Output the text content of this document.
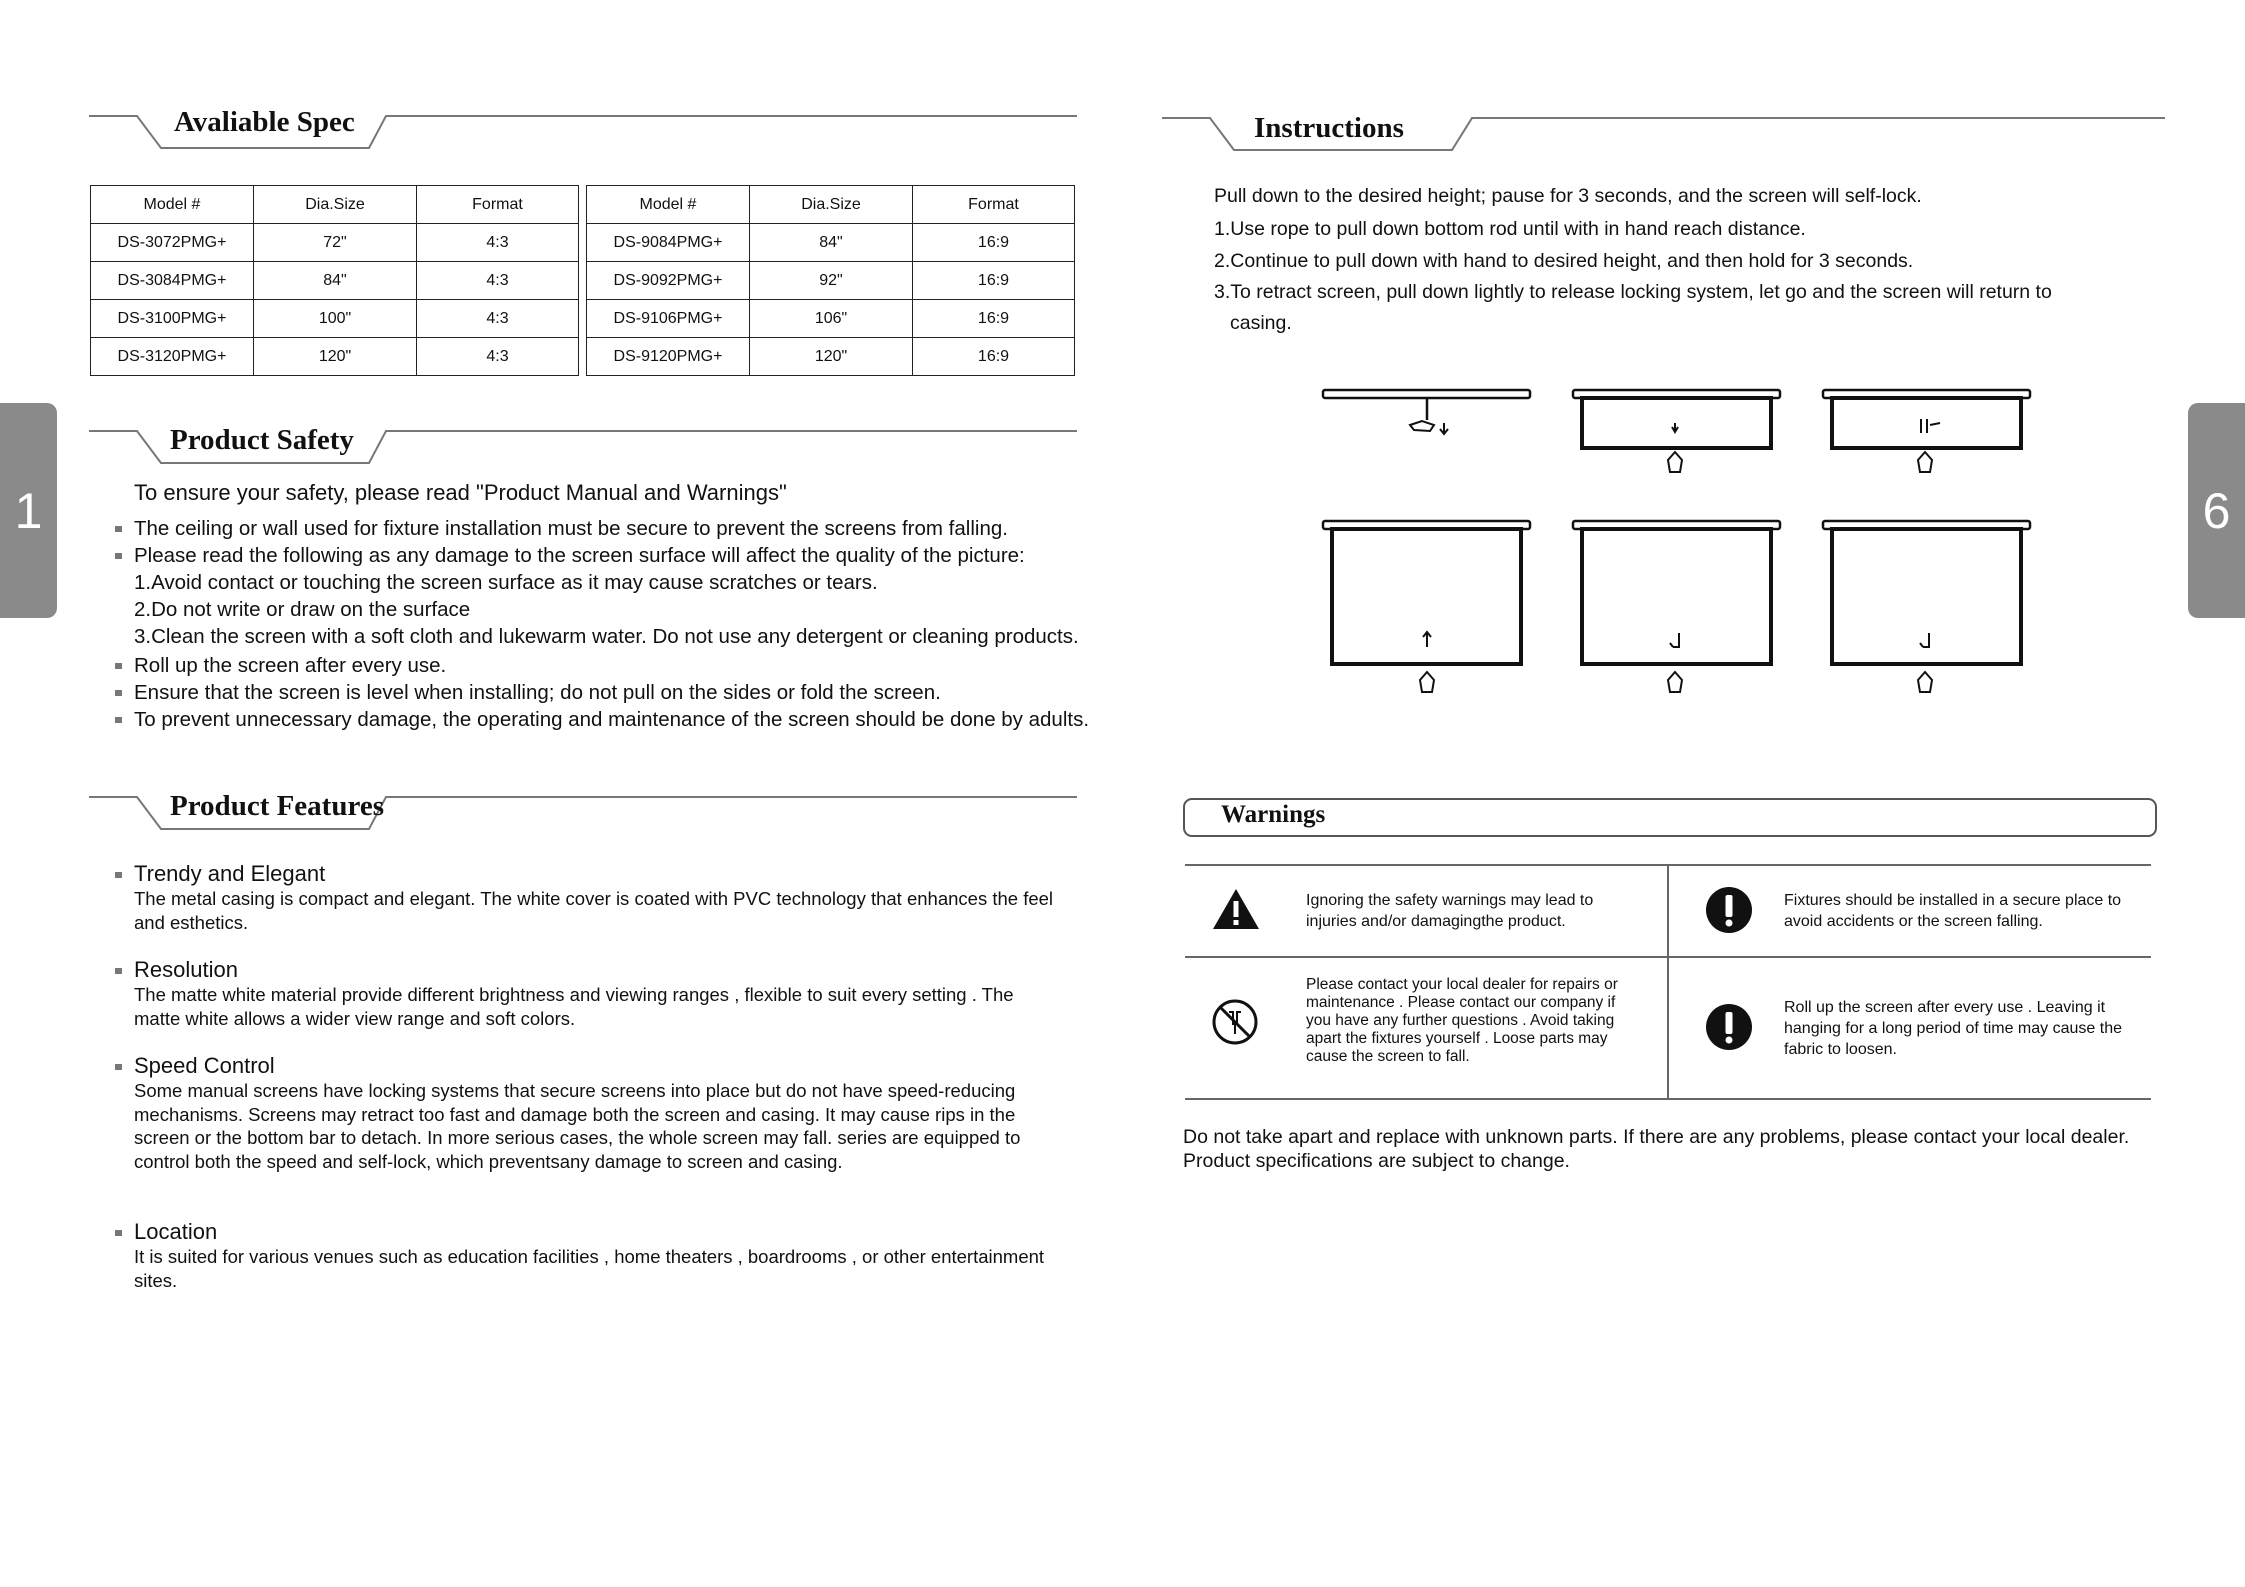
1	6
Avaliable Spec
Model #	Dia.Size	Format
DS-3072PMG+	72"	4:3
DS-3084PMG+	84"	4:3
DS-3100PMG+	100"	4:3
DS-3120PMG+	120"	4:3
Model #	Dia.Size	Format
DS-9084PMG+	84"	16:9
DS-9092PMG+	92"	16:9
DS-9106PMG+	106"	16:9
DS-9120PMG+	120"	16:9
Product Safety
To ensure your safety, please read "Product Manual and Warnings"
The ceiling or wall used for fixture installation must be secure to prevent the screens from falling.
Please read the following as any damage to the screen surface will affect the quality of the picture:
1.Avoid contact or touching the screen surface as it may cause scratches or tears.
2.Do not write or draw on the surface
3.Clean the screen with a soft cloth and lukewarm water. Do not use any detergent or cleaning products.
Roll up the screen after every use.
Ensure that the screen is level when installing; do not pull on the sides or fold the screen.
To prevent unnecessary damage, the operating and maintenance of the screen should be done by adults.
Product Features
Trendy and Elegant
The metal casing is compact and elegant. The white cover is coated with PVC technology that enhances the feel and esthetics.
Resolution
The matte white material provide different brightness and viewing ranges , flexible to suit every setting . The matte white allows a wider view range and soft colors.
Speed Control
Some manual screens have locking systems that secure screens into place but do not have speed-reducing mechanisms. Screens may retract too fast and damage both the screen and casing. It may cause rips in the screen or the bottom bar to detach. In more serious cases, the whole screen may fall. series are equipped to control both the speed and self-lock, which preventsany damage to screen and casing.
Location
It is suited for various venues such as education facilities , home theaters , boardrooms , or other entertainment sites.
Instructions
Pull down to the desired height; pause for 3 seconds, and the screen will self-lock.
1.Use rope to pull down bottom rod until with in hand reach distance.
2.Continue to pull down with hand to desired height, and then hold for 3 seconds.
3.To retract screen, pull down lightly to release locking system, let go and the screen will return to
casing.
Warnings
Ignoring the safety warnings may lead to injuries and/or damagingthe product.
Fixtures should be installed in a secure place to avoid accidents or the screen falling.
Please contact your local dealer for repairs or maintenance . Please contact our company if you have any further questions . Avoid taking apart the fixtures yourself . Loose parts may cause the screen to fall.
Roll up the screen after every use . Leaving it hanging for a long period of time may cause the fabric to loosen.
Do not take apart and replace with unknown parts. If there are any problems, please contact your local dealer.
Product specifications are subject to change.
